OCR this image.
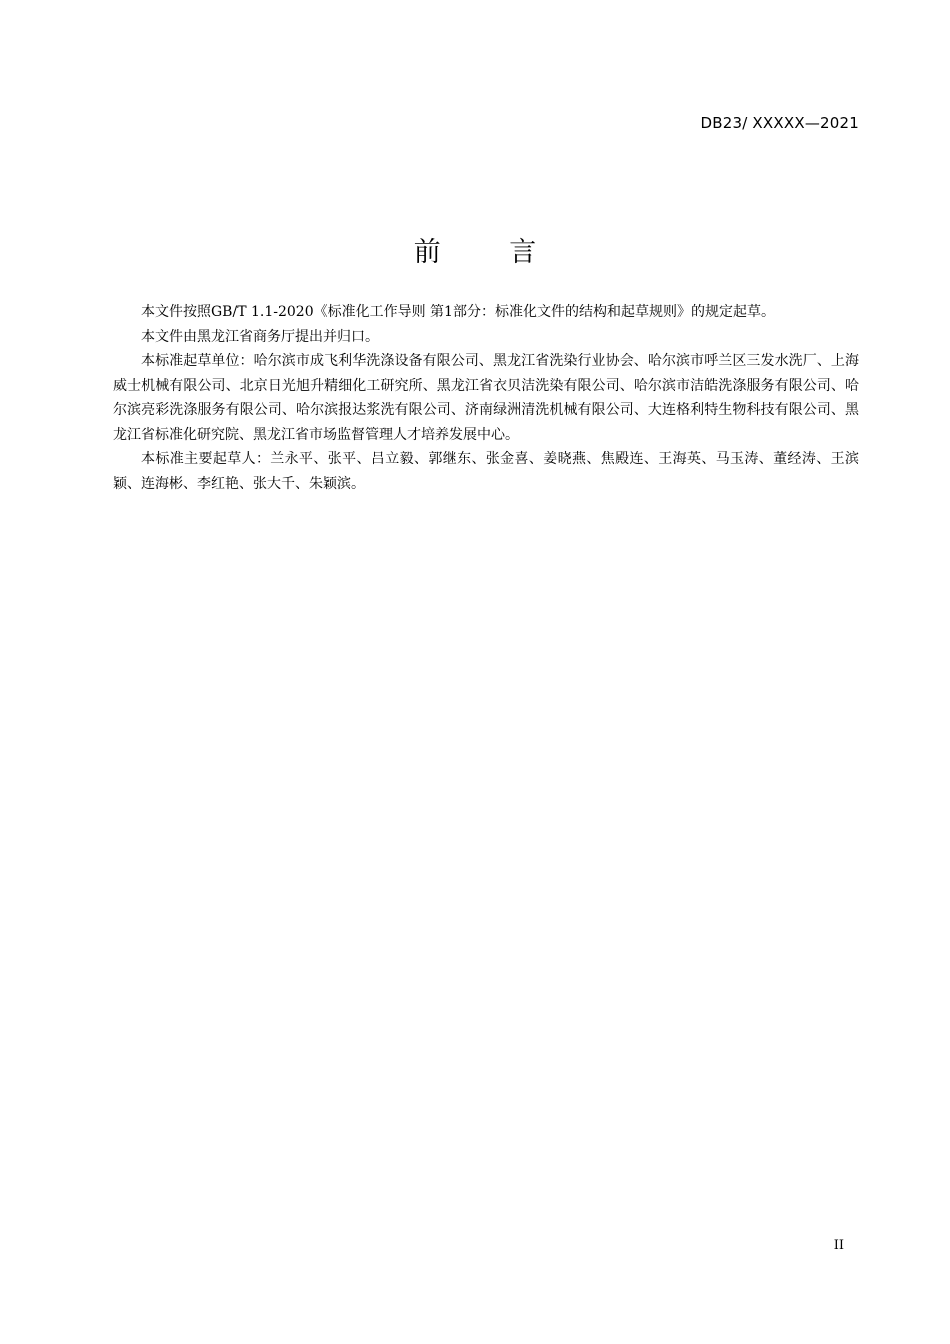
DB23/ XXXXX—2021
前 言

本文件按照GB/T 1.1-2020《标准化工作导则 第1部分：标准化文件的结构和起草规则》的规定起草。

本文件由黑龙江省商务厅提出并归口。

本标准起草单位：哈尔滨市成飞利华洗涤设备有限公司、黑龙江省洗染行业协会、哈尔滨市呼兰区三发水洗厂、上海威士机械有限公司、北京日光旭升精细化工研究所、黑龙江省衣贝洁洗染有限公司、哈尔滨市洁皓洗涤服务有限公司、哈尔滨亮彩洗涤服务有限公司、哈尔滨报达浆洗有限公司、济南绿洲清洗机械有限公司、大连格利特生物科技有限公司、黑龙江省标准化研究院、黑龙江省市场监督管理人才培养发展中心。

本标准主要起草人：兰永平、张平、吕立毅、郭继东、张金喜、姜晓燕、焦殿连、王海英、马玉涛、董经涛、王滨颖、连海彬、李红艳、张大千、朱颖滨。

II
